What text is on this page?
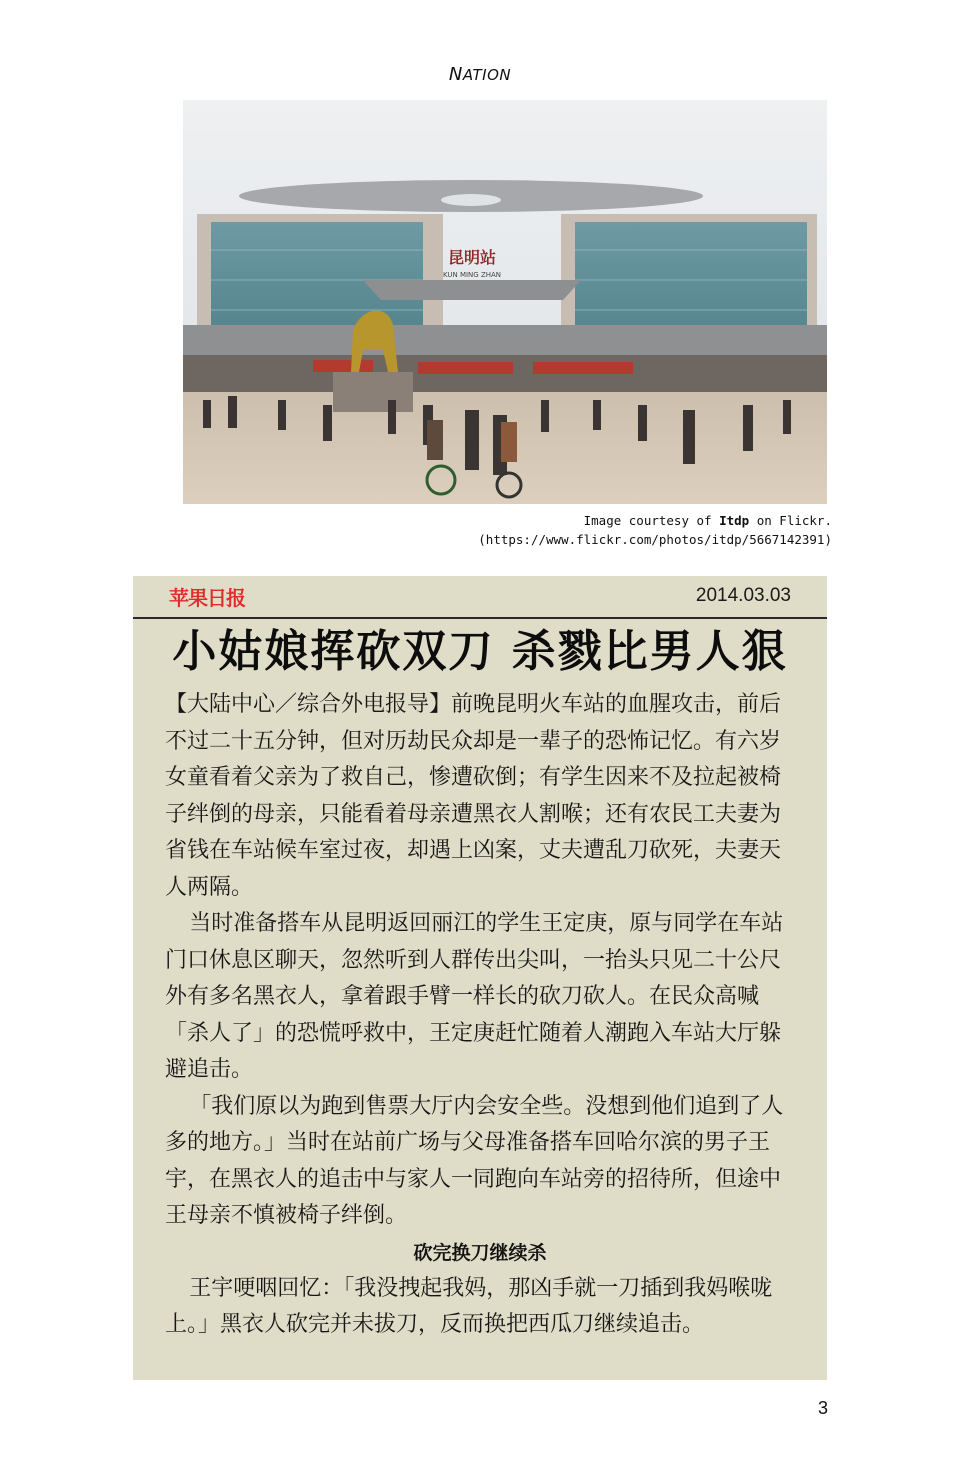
NATION
昆明站
KUN MING ZHAN
Image courtesy of Itdp on Flickr.
(https://www.flickr.com/photos/itdp/5667142391)
苹果日报	2014.03.03
小姑娘挥砍双刀 杀戮比男人狠

【大陆中心／综合外电报导】前晚昆明火车站的血腥攻击，前后不过二十五分钟，但对历劫民众却是一辈子的恐怖记忆。有六岁女童看着父亲为了救自己，惨遭砍倒；有学生因来不及拉起被椅子绊倒的母亲，只能看着母亲遭黑衣人割喉；还有农民工夫妻为省钱在车站候车室过夜，却遇上凶案，丈夫遭乱刀砍死，夫妻天人两隔。

当时准备搭车从昆明返回丽江的学生王定庚，原与同学在车站门口休息区聊天，忽然听到人群传出尖叫，一抬头只见二十公尺外有多名黑衣人，拿着跟手臂一样长的砍刀砍人。在民众高喊「杀人了」的恐慌呼救中，王定庚赶忙随着人潮跑入车站大厅躲避追击。

「我们原以为跑到售票大厅内会安全些。没想到他们追到了人多的地方。」当时在站前广场与父母准备搭车回哈尔滨的男子王宇，在黑衣人的追击中与家人一同跑向车站旁的招待所，但途中王母亲不慎被椅子绊倒。

砍完换刀继续杀

王宇哽咽回忆：「我没拽起我妈，那凶手就一刀插到我妈喉咙上。」黑衣人砍完并未拔刀，反而换把西瓜刀继续追击。

3
